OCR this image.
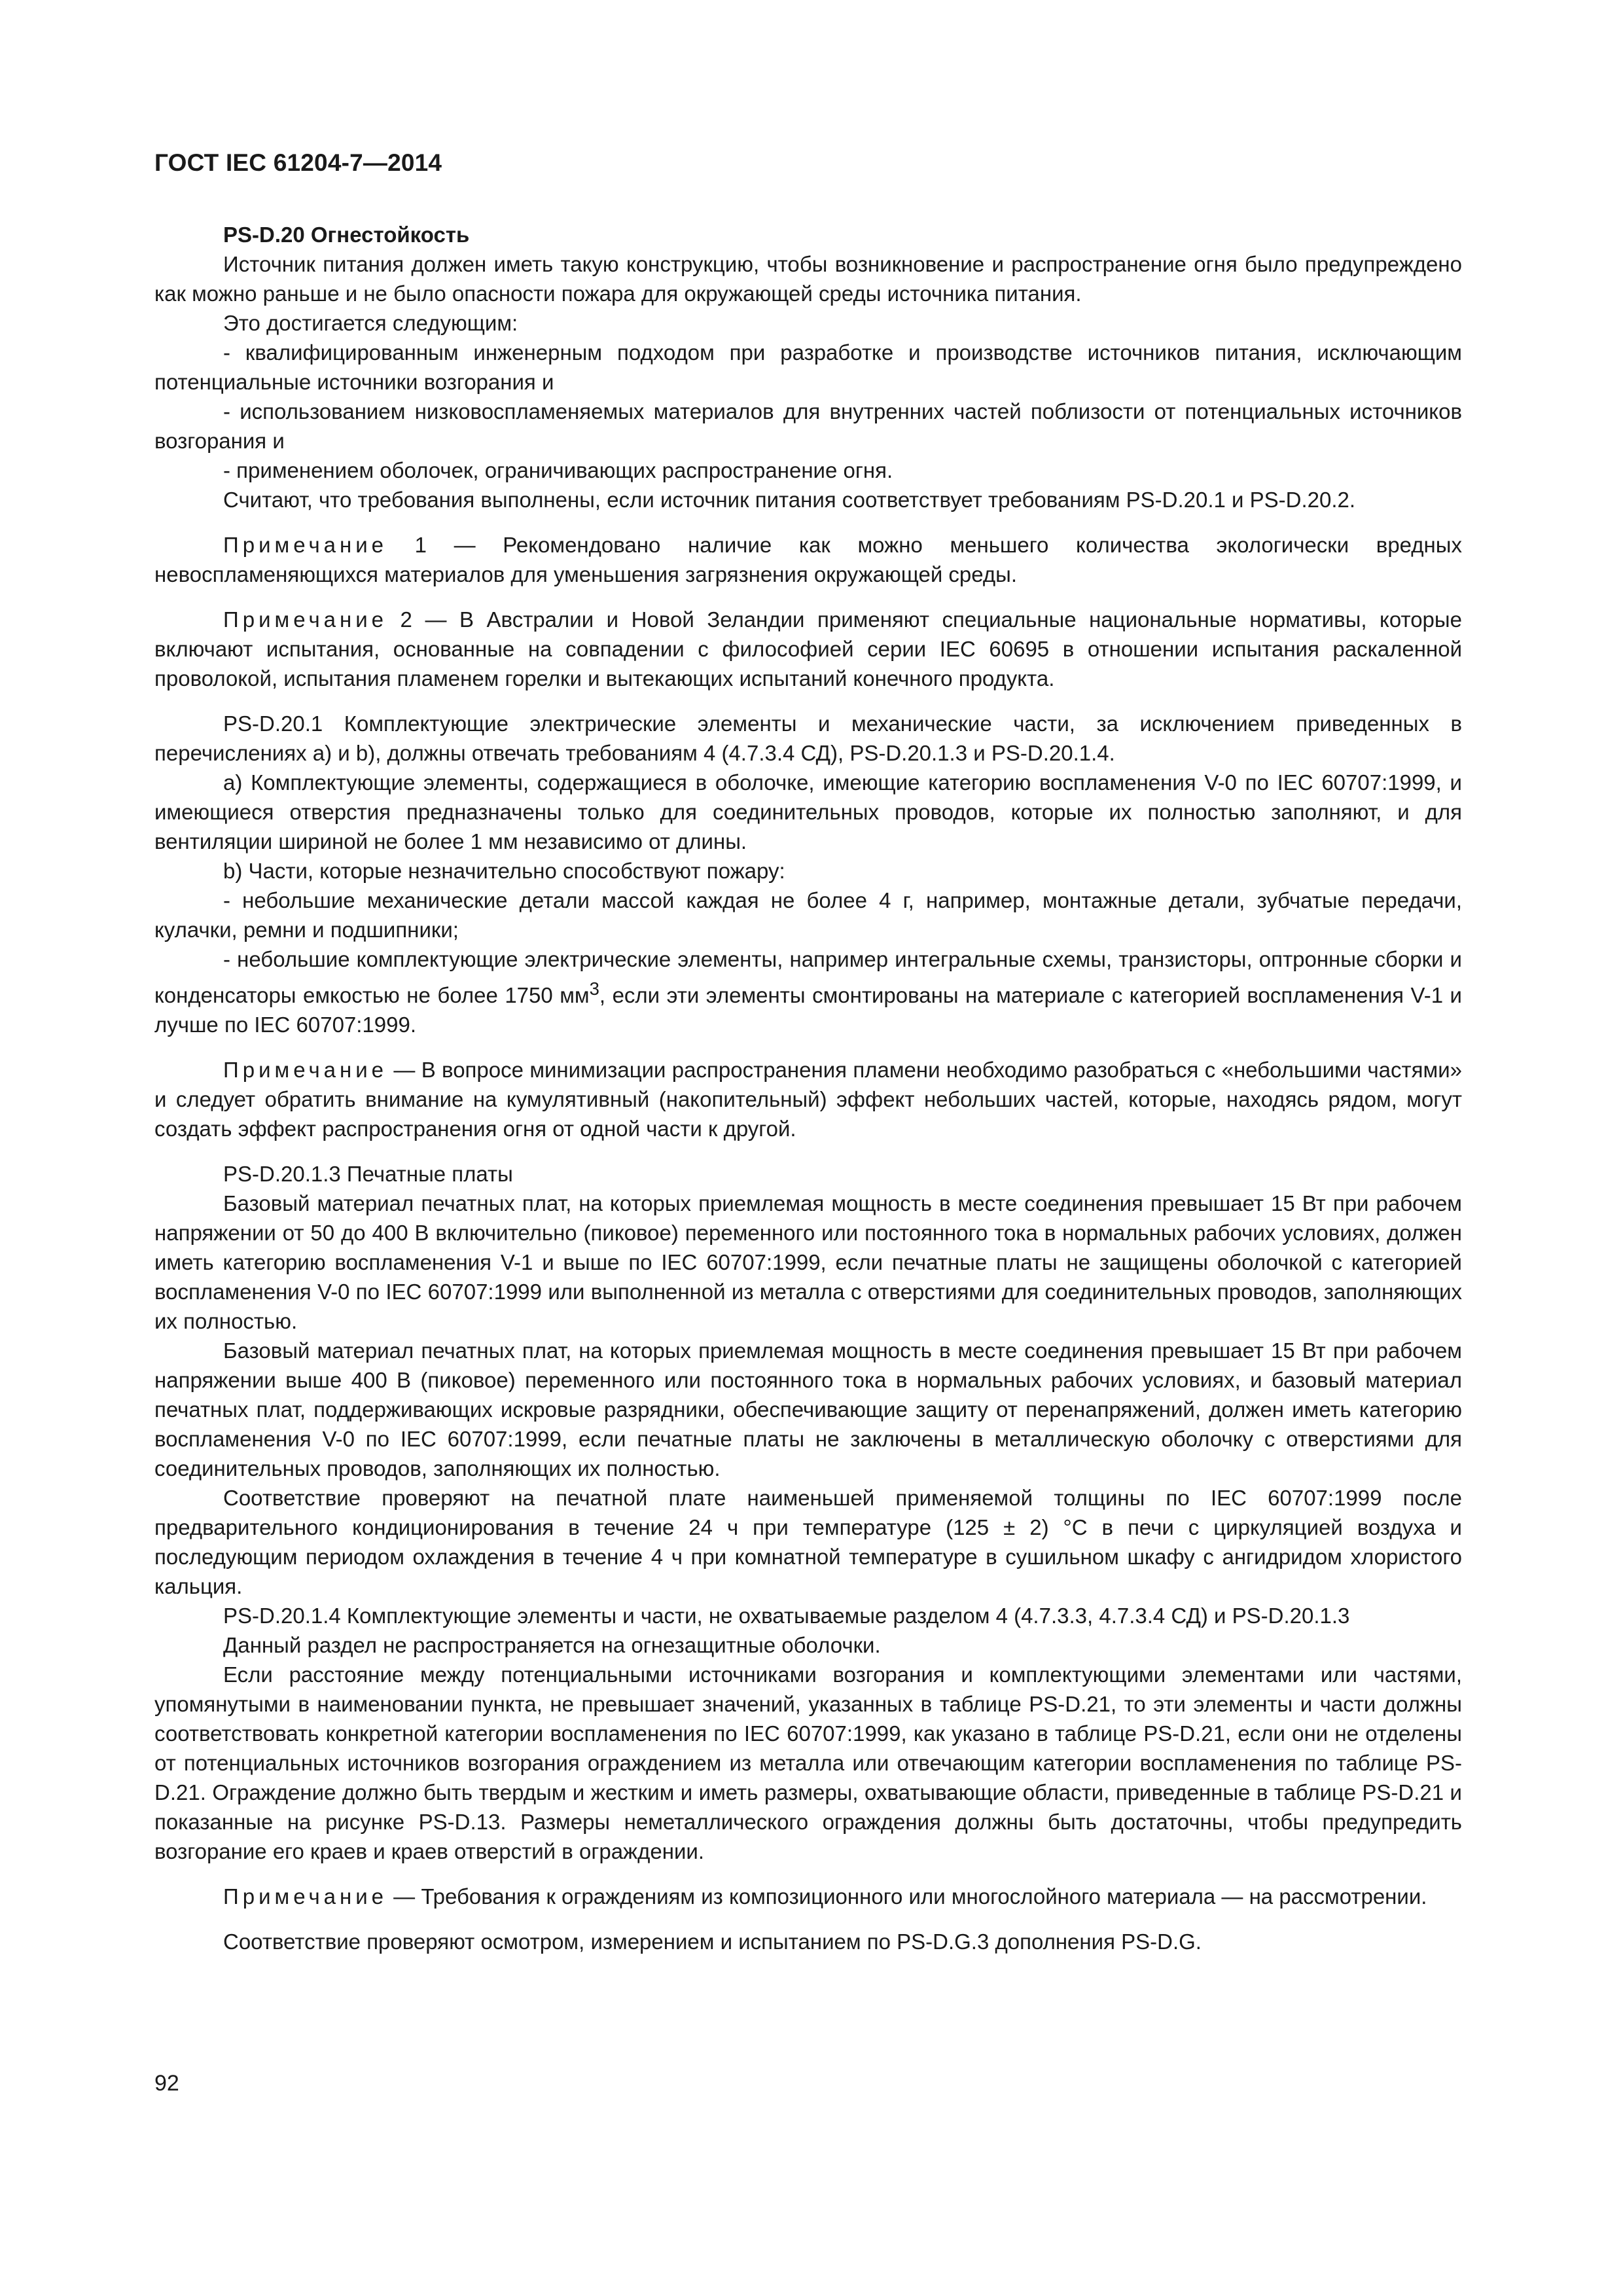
ГОСТ IEC 61204-7—2014

PS-D.20 Огнестойкость

Источник питания должен иметь такую конструкцию, чтобы возникновение и распространение огня было предупреждено как можно раньше и не было опасности пожара для окружающей среды источника питания.

Это достигается следующим:

- квалифицированным инженерным подходом при разработке и производстве источников питания, исключающим потенциальные источники возгорания и

- использованием низковоспламеняемых материалов для внутренних частей поблизости от потенциальных источников возгорания и

- применением оболочек, ограничивающих распространение огня.

Считают, что требования выполнены, если источник питания соответствует требованиям PS-D.20.1 и PS-D.20.2.

Примечание 1 — Рекомендовано наличие как можно меньшего количества экологически вредных невоспламеняющихся материалов для уменьшения загрязнения окружающей среды.

Примечание 2 — В Австралии и Новой Зеландии применяют специальные национальные нормативы, которые включают испытания, основанные на совпадении с философией серии IEC 60695 в отношении испытания раскаленной проволокой, испытания пламенем горелки и вытекающих испытаний конечного продукта.

PS-D.20.1 Комплектующие электрические элементы и механические части, за исключением приведенных в перечислениях а) и b), должны отвечать требованиям 4 (4.7.3.4 СД), PS-D.20.1.3 и PS-D.20.1.4.

a) Комплектующие элементы, содержащиеся в оболочке, имеющие категорию воспламенения V-0 по IEC 60707:1999, и имеющиеся отверстия предназначены только для соединительных проводов, которые их полностью заполняют, и для вентиляции шириной не более 1 мм независимо от длины.

b) Части, которые незначительно способствуют пожару:

- небольшие механические детали массой каждая не более 4 г, например, монтажные детали, зубчатые передачи, кулачки, ремни и подшипники;

- небольшие комплектующие электрические элементы, например интегральные схемы, транзисторы, оптронные сборки и конденсаторы емкостью не более 1750 $мм^3$, если эти элементы смонтированы на материале с категорией воспламенения V-1 и лучше по IEC 60707:1999.

Примечание — В вопросе минимизации распространения пламени необходимо разобраться с «небольшими частями» и следует обратить внимание на кумулятивный (накопительный) эффект небольших частей, которые, находясь рядом, могут создать эффект распространения огня от одной части к другой.

PS-D.20.1.3 Печатные платы

Базовый материал печатных плат, на которых приемлемая мощность в месте соединения превышает 15 Вт при рабочем напряжении от 50 до 400 В включительно (пиковое) переменного или постоянного тока в нормальных рабочих условиях, должен иметь категорию воспламенения V-1 и выше по IEC 60707:1999, если печатные платы не защищены оболочкой с категорией воспламенения V-0 по IEC 60707:1999 или выполненной из металла с отверстиями для соединительных проводов, заполняющих их полностью.

Базовый материал печатных плат, на которых приемлемая мощность в месте соединения превышает 15 Вт при рабочем напряжении выше 400 В (пиковое) переменного или постоянного тока в нормальных рабочих условиях, и базовый материал печатных плат, поддерживающих искровые разрядники, обеспечивающие защиту от перенапряжений, должен иметь категорию воспламенения V-0 по IEC 60707:1999, если печатные платы не заключены в металлическую оболочку с отверстиями для соединительных проводов, заполняющих их полностью.

Соответствие проверяют на печатной плате наименьшей применяемой толщины по IEC 60707:1999 после предварительного кондиционирования в течение 24 ч при температуре (125 ± 2) °С в печи с циркуляцией воздуха и последующим периодом охлаждения в течение 4 ч при комнатной температуре в сушильном шкафу с ангидридом хлористого кальция.

PS-D.20.1.4 Комплектующие элементы и части, не охватываемые разделом 4 (4.7.3.3, 4.7.3.4 СД) и PS-D.20.1.3

Данный раздел не распространяется на огнезащитные оболочки.

Если расстояние между потенциальными источниками возгорания и комплектующими элементами или частями, упомянутыми в наименовании пункта, не превышает значений, указанных в таблице PS-D.21, то эти элементы и части должны соответствовать конкретной категории воспламенения по IEC 60707:1999, как указано в таблице PS-D.21, если они не отделены от потенциальных источников возгорания ограждением из металла или отвечающим категории воспламенения по таблице PS-D.21. Ограждение должно быть твердым и жестким и иметь размеры, охватывающие области, приведенные в таблице PS-D.21 и показанные на рисунке PS-D.13. Размеры неметаллического ограждения должны быть достаточны, чтобы предупредить возгорание его краев и краев отверстий в ограждении.

Примечание — Требования к ограждениям из композиционного или многослойного материала — на рассмотрении.

Соответствие проверяют осмотром, измерением и испытанием по PS-D.G.3 дополнения PS-D.G.

92
